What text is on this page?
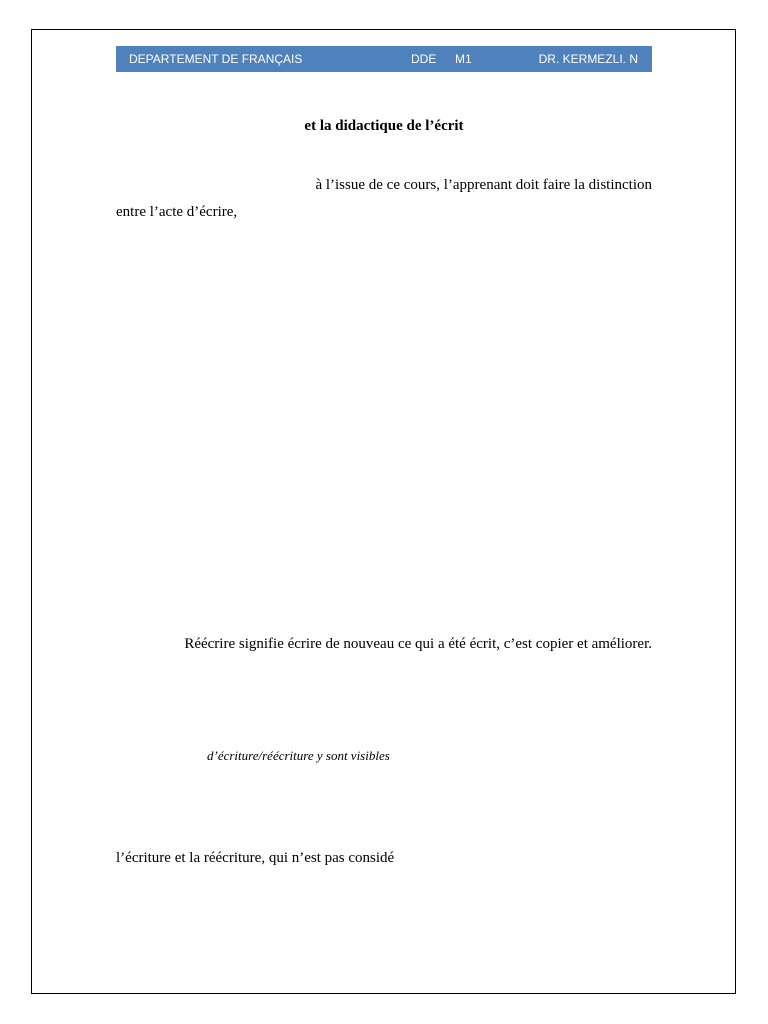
DEPARTEMENT DE FRANÇAIS	DDE M1	DR. KERMEZLI. N
et la didactique de l’écrit

à l’issue de ce cours, l’apprenant doit faire la distinction
entre l’acte d’écrire,

Réécrire signifie écrire de nouveau ce qui a été écrit, c’est copier et améliorer.

d’écriture/réécriture y sont visibles

l’écriture et la réécriture, qui n’est pas considé
